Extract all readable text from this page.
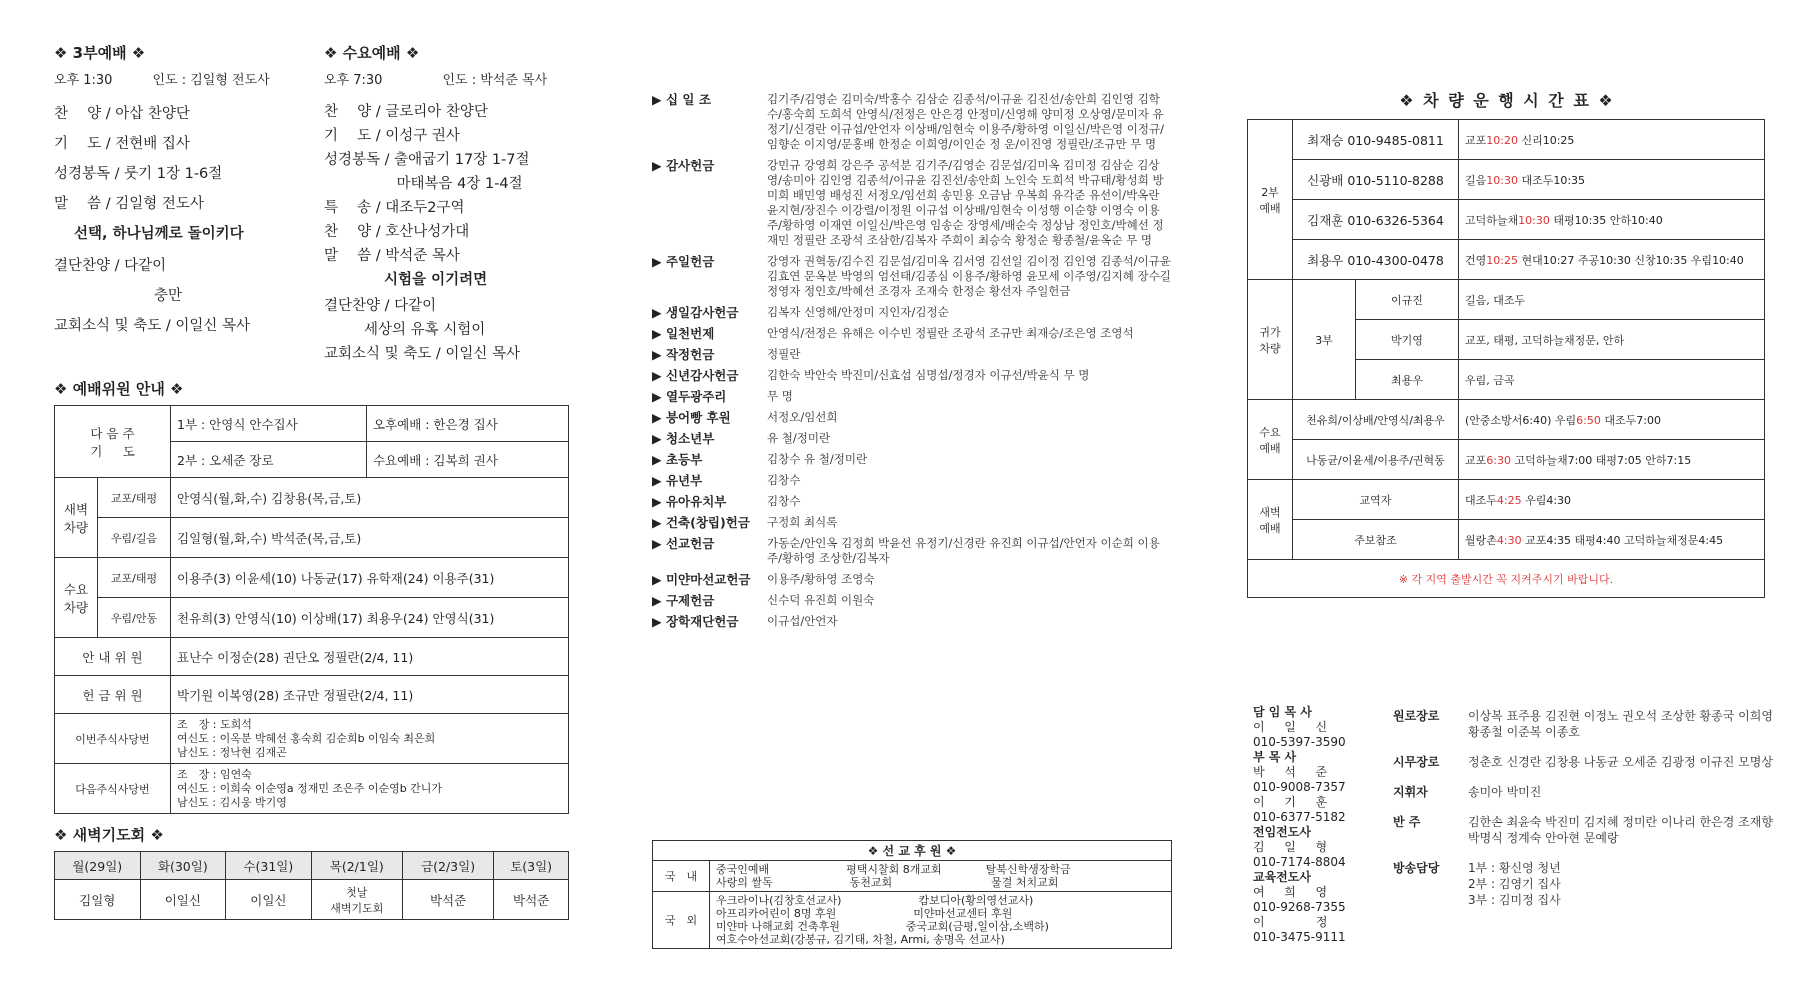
❖ 3부예배 ❖
오후 1:30	인도 : 김일형 전도사
찬　 양 / 아삽 찬양단
기　 도 / 전현배 집사
성경봉독 / 룻기 1장 1-6절
말　 씀 / 김일형 전도사
선택, 하나님께로 돌이키다
결단찬양 / 다같이
충만
교회소식 및 축도 / 이일신 목사
❖ 수요예배 ❖
오후 7:30	인도 : 박석준 목사
찬　 양 / 글로리아 찬양단
기　 도 / 이성구 권사
성경봉독 / 출애굽기 17장 1-7절
　　　　　마태복음 4장 1-4절
특　 송 / 대조두2구역
찬　 양 / 호산나성가대
말　 씀 / 박석준 목사
시험을 이기려면
결단찬양 / 다같이
세상의 유혹 시험이
교회소식 및 축도 / 이일신 목사
❖ 예배위원 안내 ❖
다 음 주
기 　 도		1부 : 안영식 안수집사	오후예배 : 한은경 집사
		2부 : 오세준 장로	수요예배 : 김복희 권사
새벽
차량	교포/태평	안영식(월,화,수) 김창용(목,금,토)	
	우림/길음	김일형(월,화,수) 박석준(목,금,토)	
수요
차량	교포/태평	이용주(3) 이윤세(10) 나동균(17) 유학재(24) 이용주(31)	
	우림/안동	천유희(3) 안영식(10) 이상배(17) 최용우(24) 안영식(31)	
안 내 위 원		표난수 이정순(28) 권단오 정필란(2/4, 11)	
헌 금 위 원		박기원 이복영(28) 조규만 정필란(2/4, 11)	
이번주식사당번		조　장 : 도희석
여신도 : 이옥분 박혜선 홍숙희 김순희b 이임숙 최은희
남신도 : 정낙현 김재곤	
다음주식사당번		조　장 : 임연숙
여신도 : 이희숙 이순영a 정재민 조은주 이순영b 간니가
남신도 : 김시웅 박기영	
❖ 새벽기도회 ❖
월(29일)	화(30일)	수(31일)	목(2/1일)	금(2/3일)	토(3일)
김일형	이일신	이일신	첫날
새벽기도회	박석준	박석준
▶ 십 일 조	김기주/김영순 김미숙/박홍수 김삼순 김종석/이규윤 김진선/송안희 김인영 김학수/홍숙희 도희석 안영식/전정은 안은경 안정미/신영해 양미정 오상영/문미자 유정기/신경란 이규섭/안언자 이상배/임현숙 이용주/황하영 이일신/박은영 이정규/임향순 이지영/문홍배 한정순 이희영/이인순 정 운/이진영 정필란/조규만 무 명
▶ 감사헌금	강민규 강영희 강은주 공석분 김기주/김영순 김문섭/김미옥 김미정 김삼순 김상영/송미아 김인영 김종석/이규윤 김진선/송안희 노인숙 도희석 박규태/황성희 방미희 배민영 배성진 서정오/임선희 송민용 오금남 우복희 유각준 유선이/박옥란 윤지현/장진수 이강렬/이정원 이규섭 이상배/임현숙 이성행 이순향 이영숙 이용주/황하영 이재연 이일신/박은영 임송순 장영세/배순숙 정상남 정인호/박혜선 정재민 정필란 조광석 조삼한/김복자 주희이 최승숙 황정순 황종철/윤옥순 무 명
▶ 주일헌금	강영자 권혁동/김수진 김문섭/김미옥 김서영 김선일 김이정 김인영 김종석/이규윤 김효연 문옥분 박영의 엄선태/김종심 이용주/황하영 윤모세 이주영/김지혜 장수길 정영자 정인호/박혜선 조경자 조재숙 한정순 황선자 주일헌금
▶ 생일감사헌금	김복자 신영해/안정미 지인자/김정순
▶ 일천번제	안영식/전정은 유해은 이수빈 정필란 조광석 조규만 최재승/조은영 조영석
▶ 작정헌금	정필란
▶ 신년감사헌금	김한숙 박안숙 박진미/신효섭 심명섭/정경자 이규선/박윤식 무 명
▶ 열두광주리	무 명
▶ 붕어빵 후원	서정오/임선희
▶ 청소년부	유 철/정미란
▶ 초등부	김창수 유 철/정미란
▶ 유년부	김창수
▶ 유아유치부	김창수
▶ 건축(창립)헌금	구정희 최식록
▶ 선교헌금	가동순/안인옥 김정희 박윤선 유정기/신경란 유진희 이규섭/안언자 이순희 이용주/황하영 조상한/김복자
▶ 미얀마선교헌금	이용주/황하영 조영숙
▶ 구제헌금	신수덕 유진희 이원숙
▶ 장학재단헌금	이규섭/안언자
❖ 선 교 후 원 ❖	
국　내	중국인예배　　　　　　　평택시찰회 8개교회　　　　탈북신학생장학금
사랑의 쌀독　　　　　　　동천교회　　　　　　　　　물결 처치교회

국　외	우크라이나(김창호선교사)　　　　　　　캄보디아(황의영선교사)
아프리카어린이 8명 후원　　　　　　　미얀마선교센터 후원
미얀마 나해교회 건축후원　　　　　　중국교회(금평,일이삼,소백하)
여호수아선교회(강봉규, 김기태, 차철, Armi, 송명옥 선교사)
❖ 차 량 운 행 시 간 표 ❖
2부
예배	최재승 010-9485-0811		교포10:20 신리10:25
	신광배 010-5110-8288		길음10:30 대조두10:35
	김재훈 010-6326-5364		고덕하늘채10:30 태평10:35 안하10:40
	최용우 010-4300-0478		건영10:25 현대10:27 주공10:30 신창10:35 우림10:40
귀가
차량	3부	이규진	길음, 대조두
		박기영	교포, 태평, 고덕하늘채정문, 안하
		최용우	우림, 금곡
수요
예배	천유희/이상배/안영식/최용우		(안중소방서6:40) 우림6:50 대조두7:00
	나동균/이윤세/이용주/권혁동		교포6:30 고덕하늘채7:00 태평7:05 안하7:15
새벽
예배	교역자		대조두4:25 우림4:30
	주보참조		월랑촌4:30 교포4:35 태평4:40 고덕하늘채정문4:45
※ 각 지역 출발시간 꼭 지켜주시기 바랍니다.			
담 임 목 사
이 　 일 　 신
010-5397-3590
부 목 사
박 　 석 　 준
010-9008-7357
이 　 기 　 훈
010-6377-5182
전임전도사
김 　 일 　 형
010-7174-8804
교육전도사
여 　 희 　 영
010-9268-7355
이 　 　 　 정
010-3475-9111
원로장로	이상복 표주용 김진현 이정노 권오석 조상한 황종국 이희영 황종철 이준복 이종호
시무장로	정춘호 신경란 김창용 나동균 오세준 김광정 이규진 모명상
지휘자	송미아 박미진
반 주	김한손 최윤숙 박진미 김지혜 정미란 이나리 한은경 조재향 박명식 정계숙 안아현 문예랑
방송담당	1부 : 황신영 청년
2부 : 김영기 집사
3부 : 김미정 집사
